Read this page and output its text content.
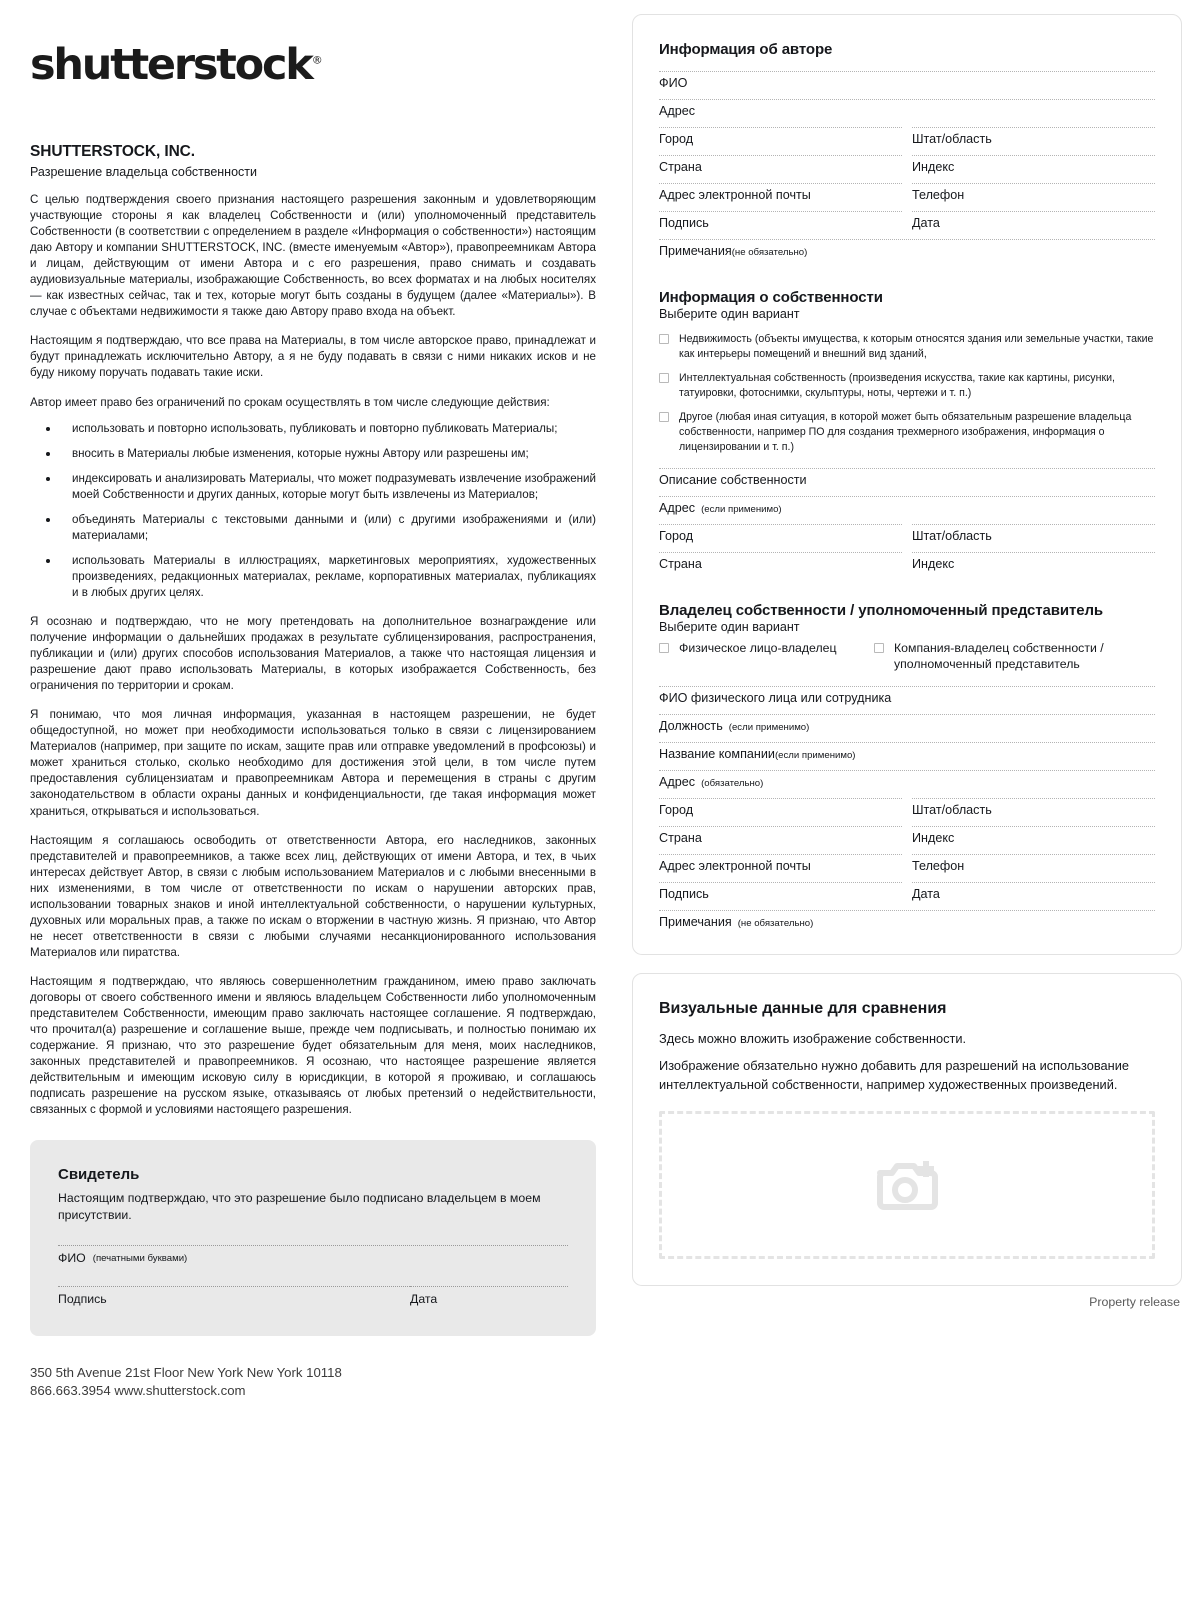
shutterstock®
SHUTTERSTOCK, INC.
Разрешение владельца собственности
С целью подтверждения своего признания настоящего разрешения законным и удовлетворяющим участвующие стороны я как владелец Собственности и (или) уполномоченный представитель Собственности (в соответствии с определением в разделе «Информация о собственности») настоящим даю Автору и компании SHUTTERSTOCK, INC. (вместе именуемым «Автор»), правопреемникам Автора и лицам, действующим от имени Автора и с его разрешения, право снимать и создавать аудиовизуальные материалы, изображающие Собственность, во всех форматах и на любых носителях — как известных сейчас, так и тех, которые могут быть созданы в будущем (далее «Материалы»). В случае с объектами недвижимости я также даю Автору право входа на объект.
Настоящим я подтверждаю, что все права на Материалы, в том числе авторское право, принадлежат и будут принадлежать исключительно Автору, а я не буду подавать в связи с ними никаких исков и не буду никому поручать подавать такие иски.
Автор имеет право без ограничений по срокам осуществлять в том числе следующие действия:
использовать и повторно использовать, публиковать и повторно публиковать Материалы;
вносить в Материалы любые изменения, которые нужны Автору или разрешены им;
индексировать и анализировать Материалы, что может подразумевать извлечение изображений моей Собственности и других данных, которые могут быть извлечены из Материалов;
объединять Материалы с текстовыми данными и (или) с другими изображениями и (или) материалами;
использовать Материалы в иллюстрациях, маркетинговых мероприятиях, художественных произведениях, редакционных материалах, рекламе, корпоративных материалах, публикациях и в любых других целях.
Я осознаю и подтверждаю, что не могу претендовать на дополнительное вознаграждение или получение информации о дальнейших продажах в результате сублицензирования, распространения, публикации и (или) других способов использования Материалов, а также что настоящая лицензия и разрешение дают право использовать Материалы, в которых изображается Собственность, без ограничения по территории и срокам.
Я понимаю, что моя личная информация, указанная в настоящем разрешении, не будет общедоступной, но может при необходимости использоваться только в связи с лицензированием Материалов (например, при защите по искам, защите прав или отправке уведомлений в профсоюзы) и может храниться столько, сколько необходимо для достижения этой цели, в том числе путем предоставления сублицензиатам и правопреемникам Автора и перемещения в страны с другим законодательством в области охраны данных и конфиденциальности, где такая информация может храниться, открываться и использоваться.
Настоящим я соглашаюсь освободить от ответственности Автора, его наследников, законных представителей и правопреемников, а также всех лиц, действующих от имени Автора, и тех, в чьих интересах действует Автор, в связи с любым использованием Материалов и с любыми внесенными в них изменениями, в том числе от ответственности по искам о нарушении авторских прав, использовании товарных знаков и иной интеллектуальной собственности, о нарушении культурных, духовных или моральных прав, а также по искам о вторжении в частную жизнь. Я признаю, что Автор не несет ответственности в связи с любыми случаями несанкционированного использования Материалов или пиратства.
Настоящим я подтверждаю, что являюсь совершеннолетним гражданином, имею право заключать договоры от своего собственного имени и являюсь владельцем Собственности либо уполномоченным представителем Собственности, имеющим право заключать настоящее соглашение. Я подтверждаю, что прочитал(а) разрешение и соглашение выше, прежде чем подписывать, и полностью понимаю их содержание. Я признаю, что это разрешение будет обязательным для меня, моих наследников, законных представителей и правопреемников. Я осознаю, что настоящее разрешение является действительным и имеющим исковую силу в юрисдикции, в которой я проживаю, и соглашаюсь подписать разрешение на русском языке, отказываясь от любых претензий о недействительности, связанных с формой и условиями настоящего разрешения.
Свидетель
Настоящим подтверждаю, что это разрешение было подписано владельцем в моем присутствии.
ФИО (печатными буквами)
Подпись	Дата
350 5th Avenue 21st Floor New York New York 10118
866.663.3954 www.shutterstock.com
Информация об авторе
ФИО
Адрес
Город	Штат/область
Страна	Индекс
Адрес электронной почты	Телефон
Подпись	Дата
Примечания (не обязательно)
Информация о собственности
Выберите один вариант
Недвижимость (объекты имущества, к которым относятся здания или земельные участки, такие как интерьеры помещений и внешний вид зданий,
Интеллектуальная собственность (произведения искусства, такие как картины, рисунки, татуировки, фотоснимки, скульптуры, ноты, чертежи и т. п.)
Другое (любая иная ситуация, в которой может быть обязательным разрешение владельца собственности, например ПО для создания трехмерного изображения, информация о лицензировании и т. п.)
Описание собственности
Адрес (если применимо)
Город	Штат/область
Страна	Индекс
Владелец собственности / уполномоченный представитель
Выберите один вариант
Физическое лицо-владелец	Компания-владелец собственности / уполномоченный представитель
ФИО физического лица или сотрудника
Должность (если применимо)
Название компании (если применимо)
Адрес (обязательно)
Город	Штат/область
Страна	Индекс
Адрес электронной почты	Телефон
Подпись	Дата
Примечания (не обязательно)
Визуальные данные для сравнения

Здесь можно вложить изображение собственности.

Изображение обязательно нужно добавить для разрешений на использование интеллектуальной собственности, например художественных произведений.

Property release
